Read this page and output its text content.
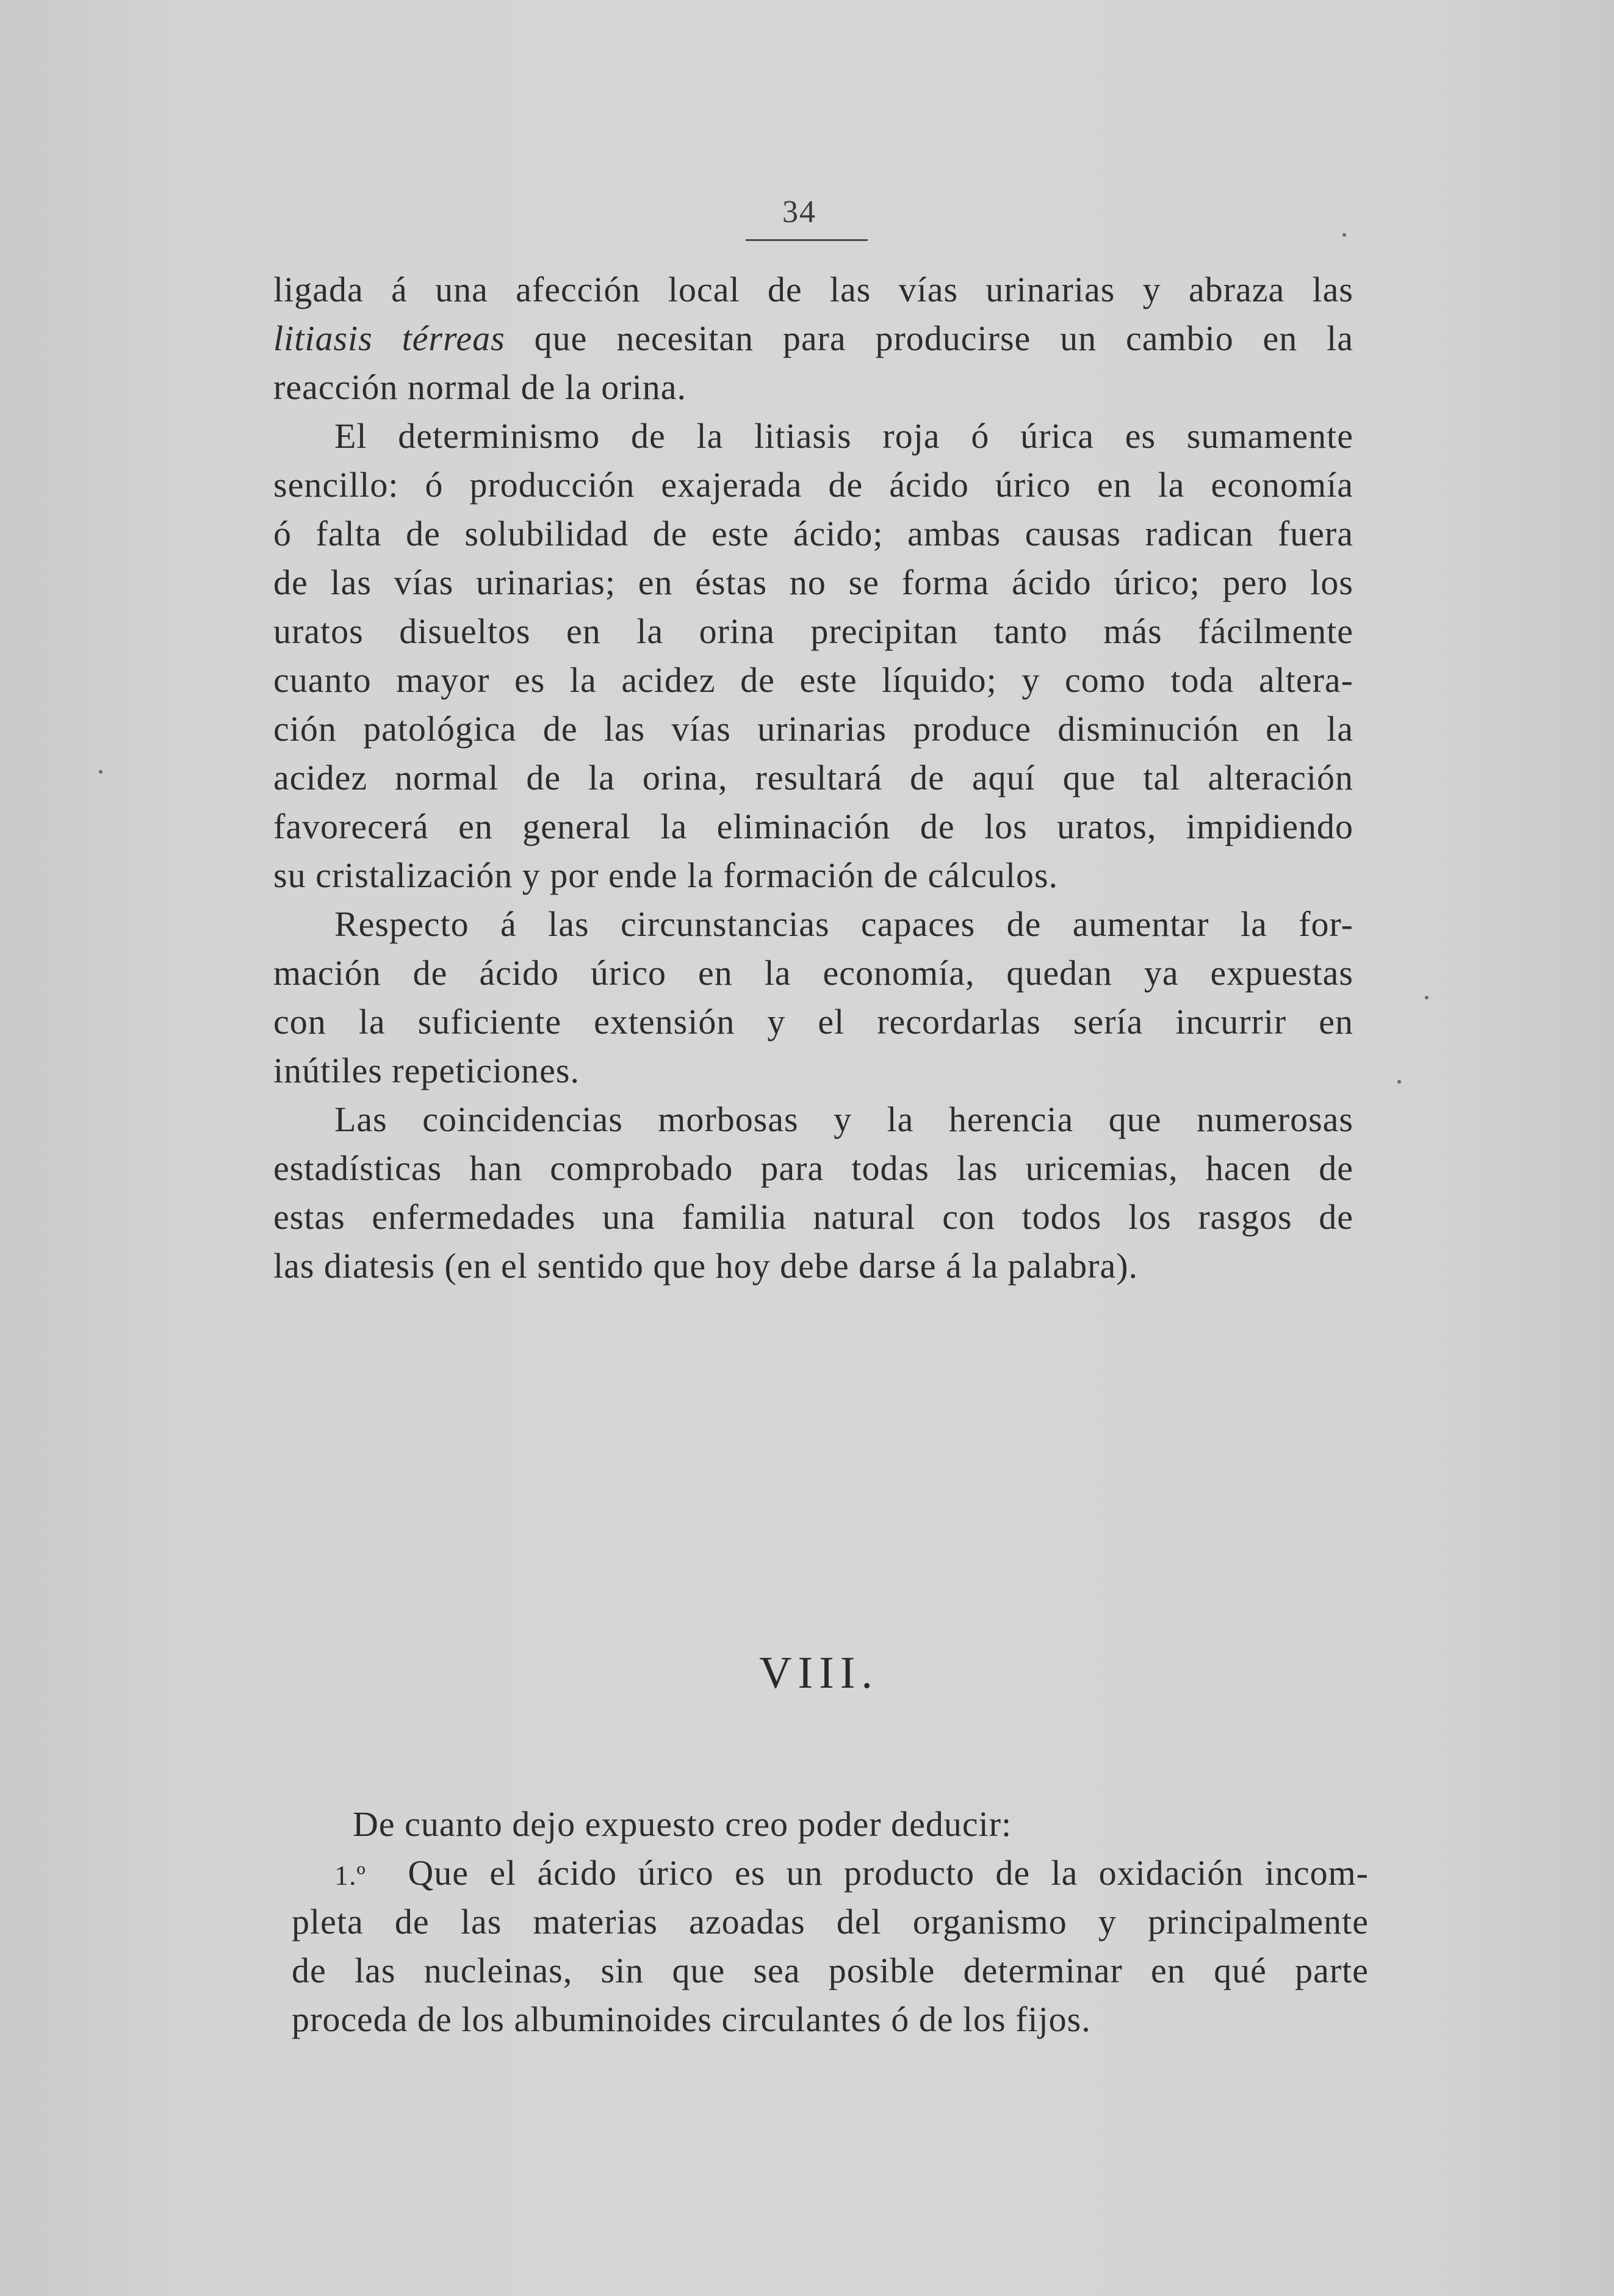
34
ligada á una afección local de las vías urinarias y abraza las
litiasis térreas que necesitan para producirse un cambio en la
reacción normal de la orina.
El determinismo de la litiasis roja ó úrica es sumamente
sencillo: ó producción exajerada de ácido úrico en la economía
ó falta de solubilidad de este ácido; ambas causas radican fuera
de las vías urinarias; en éstas no se forma ácido úrico; pero los
uratos disueltos en la orina precipitan tanto más fácilmente
cuanto mayor es la acidez de este líquido; y como toda altera-
ción patológica de las vías urinarias produce disminución en la
acidez normal de la orina, resultará de aquí que tal alteración
favorecerá en general la eliminación de los uratos, impidiendo
su cristalización y por ende la formación de cálculos.
Respecto á las circunstancias capaces de aumentar la for-
mación de ácido úrico en la economía, quedan ya expuestas
con la suficiente extensión y el recordarlas sería incurrir en
inútiles repeticiones.
Las coincidencias morbosas y la herencia que numerosas
estadísticas han comprobado para todas las uricemias, hacen de
estas enfermedades una familia natural con todos los rasgos de
las diatesis (en el sentido que hoy debe darse á la palabra).
VIII.
De cuanto dejo expuesto creo poder deducir:
1.º Que el ácido úrico es un producto de la oxidación incom-
pleta de las materias azoadas del organismo y principalmente
de las nucleinas, sin que sea posible determinar en qué parte
proceda de los albuminoides circulantes ó de los fijos.
